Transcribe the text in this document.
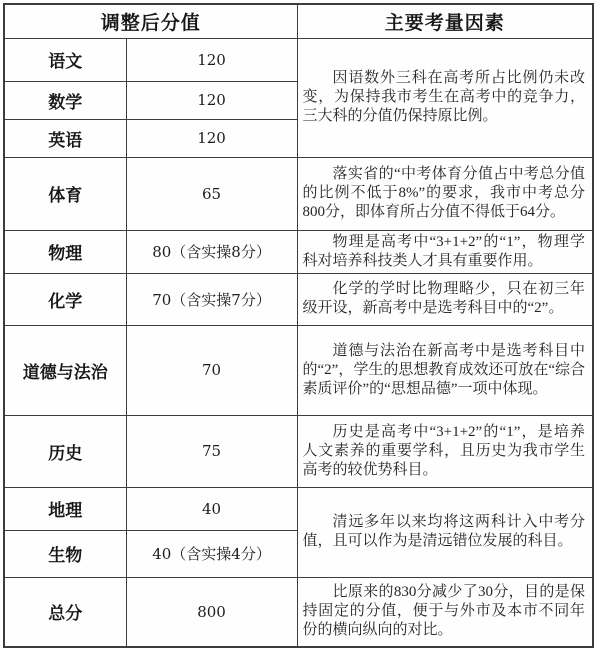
调整后分值		主要考量因素
语文	120	因语数外三科在高考所占比例仍未改变，为保持我市考生在高考中的竞争力，三大科的分值仍保持原比例。

数学	120	
英语	120	
体育	65	落实省的“中考体育分值占中考总分值的比例不低于8%”的要求，我市中考总分800分，即体育所占分值不得低于64分。

物理	80（含实操8分）	物理是高考中“3+1+2”的“1”，物理学科对培养科技类人才具有重要作用。

化学	70（含实操7分）	化学的学时比物理略少，只在初三年级开设，新高考中是选考科目中的“2”。

道德与法治	70	道德与法治在新高考中是选考科目中的“2”，学生的思想教育成效还可放在“综合素质评价”的“思想品德”一项中体现。

历史	75	历史是高考中“3+1+2”的“1”，是培养人文素养的重要学科，且历史为我市学生高考的较优势科目。

地理	40	清远多年以来均将这两科计入中考分值，且可以作为是清远错位发展的科目。

生物	40（含实操4分）	
总分	800	比原来的830分减少了30分，目的是保持固定的分值，便于与外市及本市不同年份的横向纵向的对比。
